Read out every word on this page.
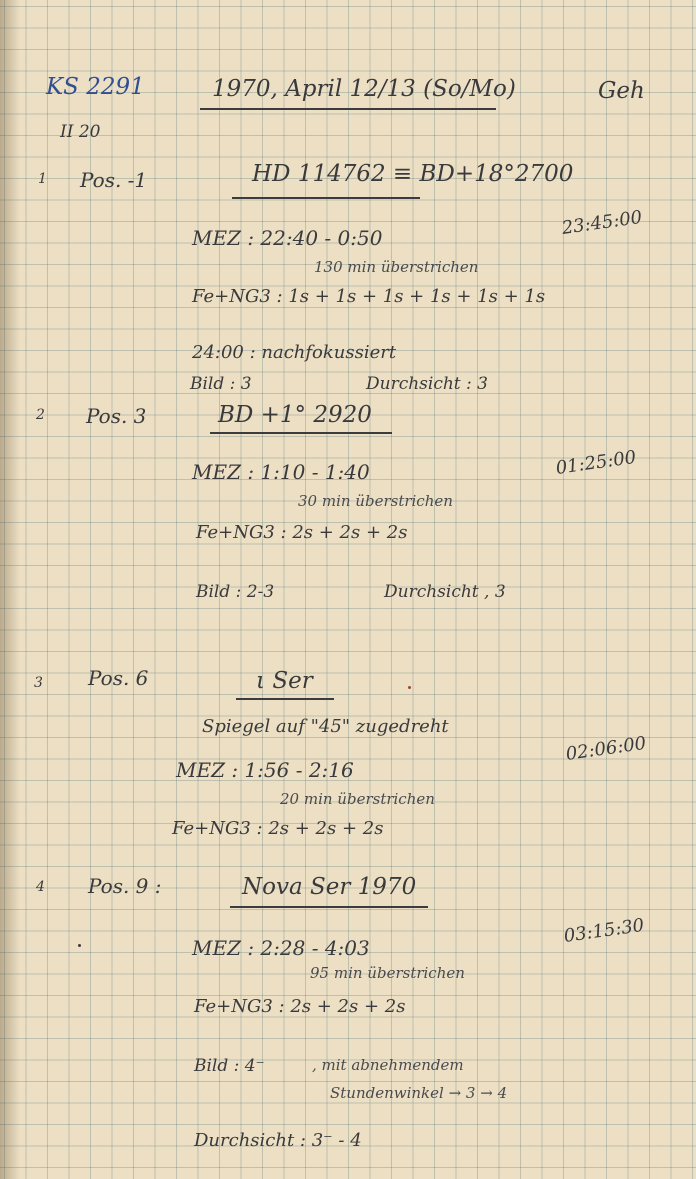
KS 2291	1970, April 12/13 (So/Mo)	Geh
II 20
1 Pos. -1	HD 114762 ≡ BD+18°2700
MEZ : 22:40 - 0:50	23:45:00
130 min überstrichen
Fe+NG3 : 1s + 1s + 1s + 1s + 1s + 1s
24:00 : nachfokussiert
Bild : 3	Durchsicht : 3
2 Pos. 3	BD +1° 2920
MEZ : 1:10 - 1:40	01:25:00
30 min überstrichen
Fe+NG3 : 2s + 2s + 2s
Bild : 2-3	Durchsicht , 3
3 Pos. 6	ι Ser
Spiegel auf "45" zugedreht
MEZ : 1:56 - 2:16
02:06:00
20 min überstrichen
Fe+NG3 : 2s + 2s + 2s
4 Pos. 9 :	Nova Ser 1970
MEZ : 2:28 - 4:03
03:15:30
95 min überstrichen
Fe+NG3 : 2s + 2s + 2s
Bild : 4⁻	, mit abnehmendem
Stundenwinkel → 3 → 4
Durchsicht : 3⁻ - 4
